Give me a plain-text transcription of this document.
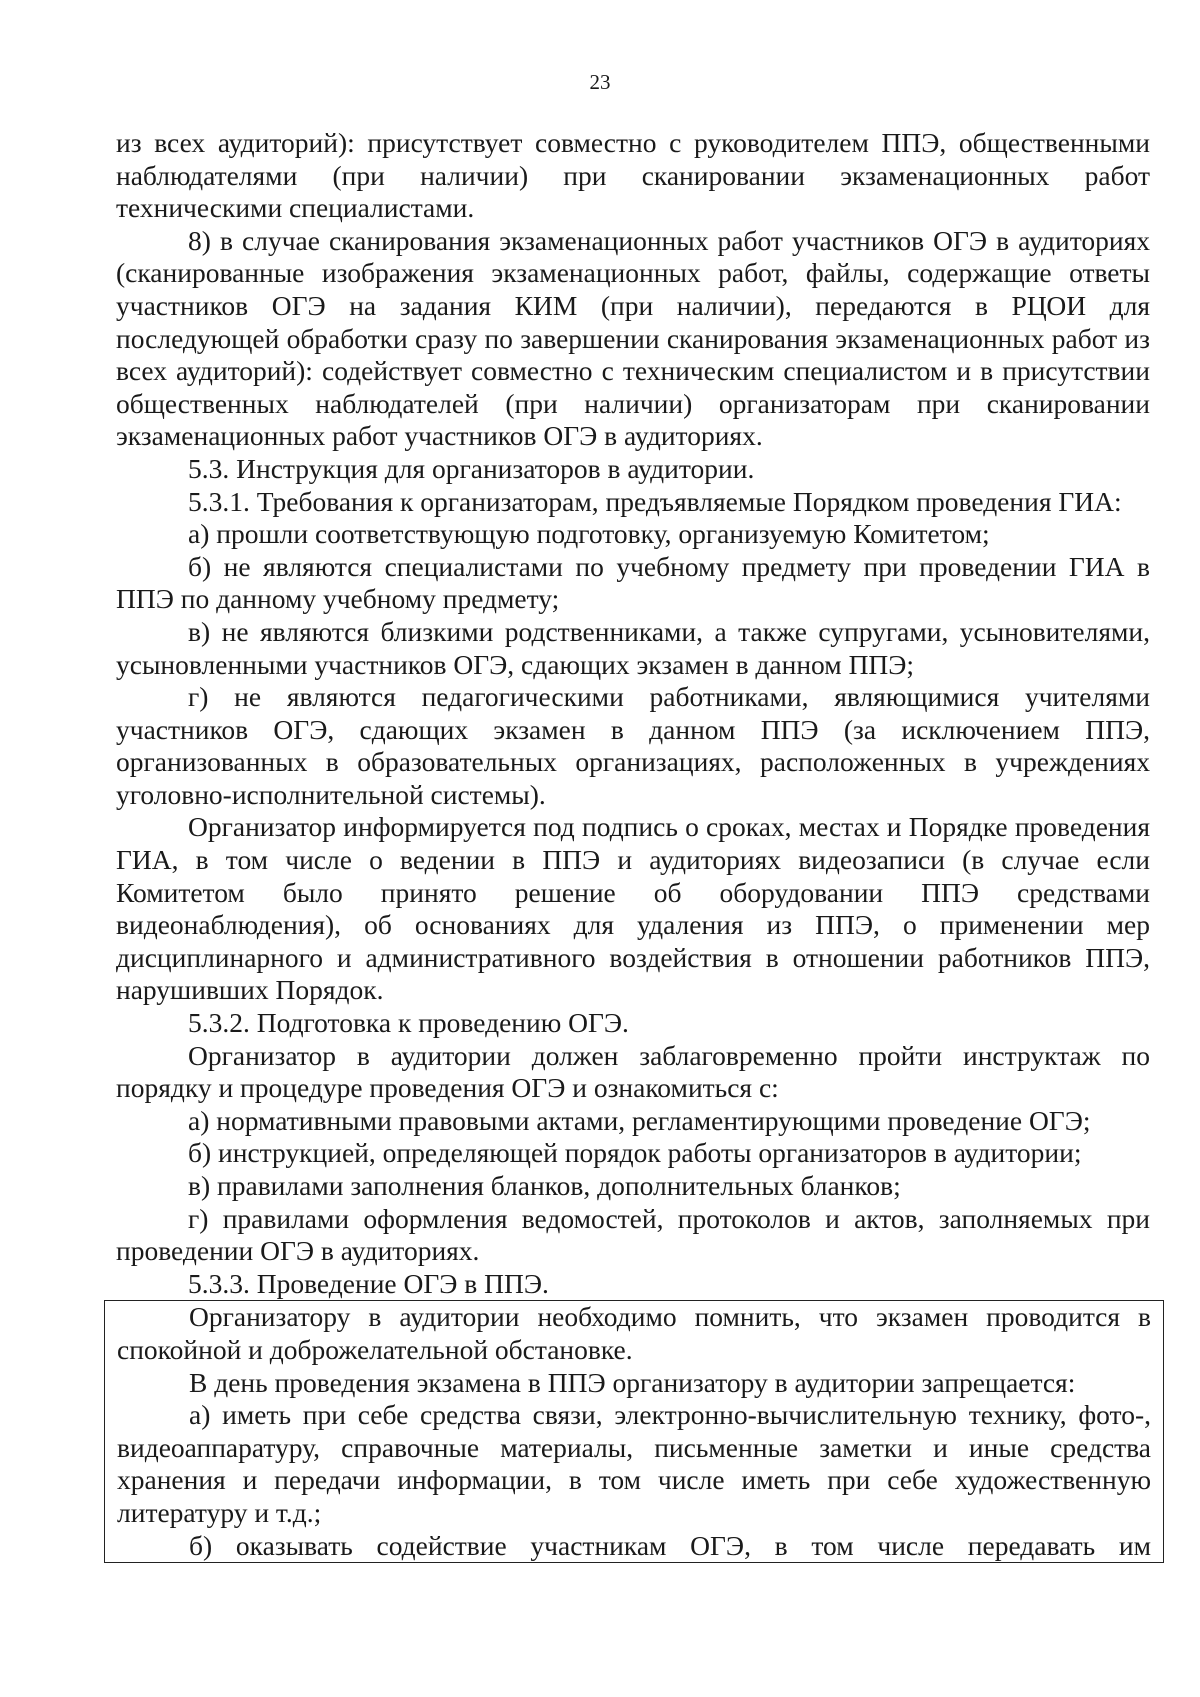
23

из всех аудиторий): присутствует совместно с руководителем ППЭ, общественными наблюдателями (при наличии) при сканировании экзаменационных работ техническими специалистами.

8) в случае сканирования экзаменационных работ участников ОГЭ в аудиториях (сканированные изображения экзаменационных работ, файлы, содержащие ответы участников ОГЭ на задания КИМ (при наличии), передаются в РЦОИ для последующей обработки сразу по завершении сканирования экзаменационных работ из всех аудиторий): содействует совместно с техническим специалистом и в присутствии общественных наблюдателей (при наличии) организаторам при сканировании экзаменационных работ участников ОГЭ в аудиториях.

5.3. Инструкция для организаторов в аудитории.

5.3.1. Требования к организаторам, предъявляемые Порядком проведения ГИА:

а) прошли соответствующую подготовку, организуемую Комитетом;

б) не являются специалистами по учебному предмету при проведении ГИА в ППЭ по данному учебному предмету;

в) не являются близкими родственниками, а также супругами, усыновителями, усыновленными участников ОГЭ, сдающих экзамен в данном ППЭ;

г) не являются педагогическими работниками, являющимися учителями участников ОГЭ, сдающих экзамен в данном ППЭ (за исключением ППЭ, организованных в образовательных организациях, расположенных в учреждениях уголовно-исполнительной системы).

Организатор информируется под подпись о сроках, местах и Порядке проведения ГИА, в том числе о ведении в ППЭ и аудиториях видеозаписи (в случае если Комитетом было принято решение об оборудовании ППЭ средствами видеонаблюдения), об основаниях для удаления из ППЭ, о применении мер дисциплинарного и административного воздействия в отношении работников ППЭ, нарушивших Порядок.

5.3.2. Подготовка к проведению ОГЭ.

Организатор в аудитории должен заблаговременно пройти инструктаж по порядку и процедуре проведения ОГЭ и ознакомиться с:

а) нормативными правовыми актами, регламентирующими проведение ОГЭ;

б) инструкцией, определяющей порядок работы организаторов в аудитории;

в) правилами заполнения бланков, дополнительных бланков;

г) правилами оформления ведомостей, протоколов и актов, заполняемых при проведении ОГЭ в аудиториях.

5.3.3. Проведение ОГЭ в ППЭ.

Организатору в аудитории необходимо помнить, что экзамен проводится в спокойной и доброжелательной обстановке.

В день проведения экзамена в ППЭ организатору в аудитории запрещается:

а) иметь при себе средства связи, электронно-вычислительную технику, фото-, видеоаппаратуру, справочные материалы, письменные заметки и иные средства хранения и передачи информации, в том числе иметь при себе художественную литературу и т.д.;

б) оказывать содействие участникам ОГЭ, в том числе передавать им
